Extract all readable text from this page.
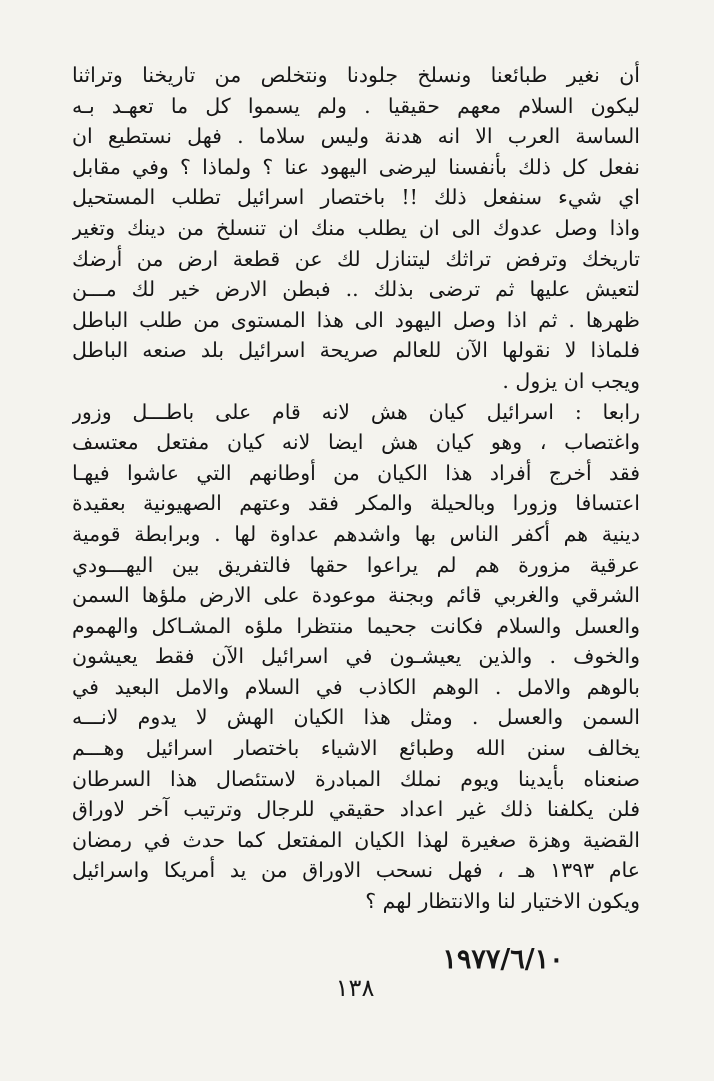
أن نغير طبائعنا ونسلخ جلودنا ونتخلص من تاريخنا وتراثنا
ليكون السلام معهم حقيقيا . ولم يسموا كل ما تعهـد بـه
الساسة العرب الا انه هدنة وليس سلاما . فهل نستطيع ان
نفعل كل ذلك بأنفسنا ليرضى اليهود عنا ؟ ولماذا ؟ وفي مقابل
اي شيء سنفعل ذلك !! باختصار اسرائيل تطلب المستحيل
واذا وصل عدوك الى ان يطلب منك ان تنسلخ من دينك وتغير
تاريخك وترفض تراثك ليتنازل لك عن قطعة ارض من أرضك
لتعيش عليها ثم ترضى بذلك .. فبطن الارض خير لك مـــن
ظهرها . ثم اذا وصل اليهود الى هذا المستوى من طلب الباطل
فلماذا لا نقولها الآن للعالم صريحة اسرائيل بلد صنعه الباطل
ويجب ان يزول .
رابعا : اسرائيل كيان هش لانه قام على باطـــل وزور
واغتصاب ، وهو كيان هش ايضا لانه كيان مفتعل معتسف
فقد أخرج أفراد هذا الكيان من أوطانهم التي عاشوا فيهـا
اعتسافا وزورا وبالحيلة والمكر فقد وعتهم الصهيونية بعقيدة
دينية هم أكفر الناس بها واشدهم عداوة لها . وبرابطة قومية
عرقية مزورة هم لم يراعوا حقها فالتفريق بين اليهـــودي
الشرقي والغربي قائم وبجنة موعودة على الارض ملؤها السمن
والعسل والسلام فكانت جحيما منتظرا ملؤه المشـاكل والهموم
والخوف . والذين يعيشـون في اسرائيل الآن فقط يعيشون
بالوهم والامل . الوهم الكاذب في السلام والامل البعيد في
السمن والعسل . ومثل هذا الكيان الهش لا يدوم لانـــه
يخالف سنن الله وطبائع الاشياء باختصار اسرائيل وهـــم
صنعناه بأيدينا ويوم نملك المبادرة لاستئصال هذا السرطان
فلن يكلفنا ذلك غير اعداد حقيقي للرجال وترتيب آخر لاوراق
القضية وهزة صغيرة لهذا الكيان المفتعل كما حدث في رمضان
عام ١٣٩٣ هـ ، فهل نسحب الاوراق من يد أمريكا واسرائيل
ويكون الاختيار لنا والانتظار لهم ؟
١٩٧٧/٦/١٠
١٣٨
